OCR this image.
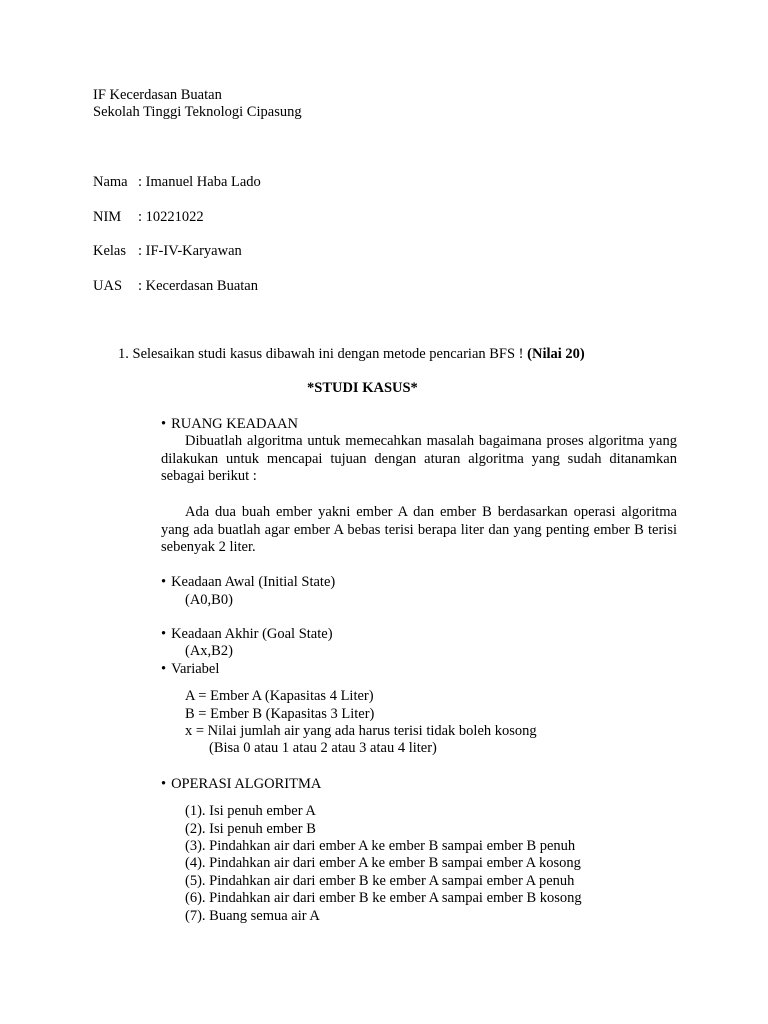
IF Kecerdasan Buatan
Sekolah Tinggi Teknologi Cipasung
Nama : Imanuel Haba Lado
NIM : 10221022
Kelas : IF-IV-Karyawan
UAS : Kecerdasan Buatan
1. Selesaikan studi kasus dibawah ini dengan metode pencarian BFS ! (Nilai 20)
*STUDI KASUS*
• RUANG KEADAAN
Dibuatlah algoritma untuk memecahkan masalah bagaimana proses algoritma yang dilakukan untuk mencapai tujuan dengan aturan algoritma yang sudah ditanamkan sebagai berikut :
Ada dua buah ember yakni ember A dan ember B berdasarkan operasi algoritma yang ada buatlah agar ember A bebas terisi berapa liter dan yang penting ember B terisi sebenyak 2 liter.
• Keadaan Awal (Initial State)
(A0,B0)
• Keadaan Akhir (Goal State)
(Ax,B2)
• Variabel
A = Ember A (Kapasitas 4 Liter)
B = Ember B (Kapasitas 3 Liter)
x = Nilai jumlah air yang ada harus terisi tidak boleh kosong
(Bisa 0 atau 1 atau 2 atau 3 atau 4 liter)
• OPERASI ALGORITMA
(1). Isi penuh ember A
(2). Isi penuh ember B
(3). Pindahkan air dari ember A ke ember B sampai ember B penuh
(4). Pindahkan air dari ember A ke ember B sampai ember A kosong
(5). Pindahkan air dari ember B ke ember A sampai ember A penuh
(6). Pindahkan air dari ember B ke ember A sampai ember B kosong
(7). Buang semua air A
